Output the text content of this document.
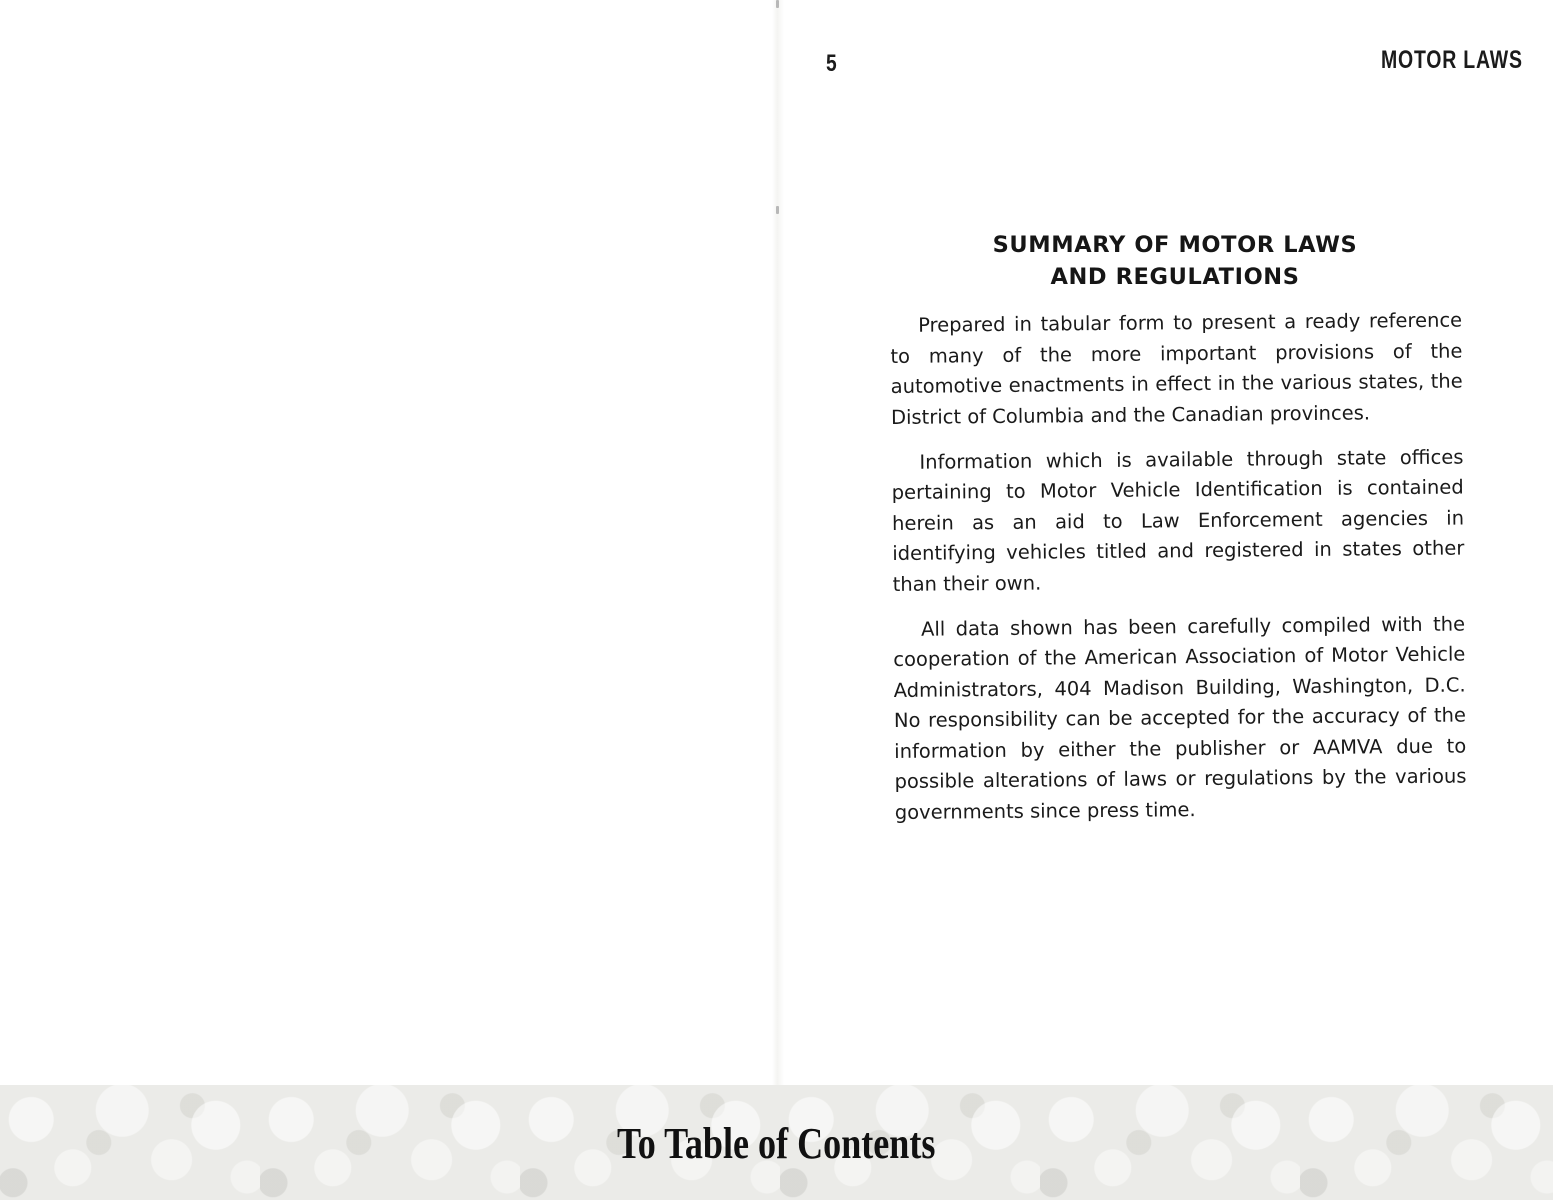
5	MOTOR LAWS
SUMMARY OF MOTOR LAWS
AND REGULATIONS

Prepared in tabular form to present a ready reference to many of the more important provisions of the automotive enactments in effect in the various states, the District of Columbia and the Canadian provinces.

Information which is available through state offices pertaining to Motor Vehicle Identification is contained herein as an aid to Law Enforcement agencies in identifying vehicles titled and registered in states other than their own.

All data shown has been carefully compiled with the cooperation of the American Association of Motor Vehicle Administrators, 404 Madison Building, Washington, D.C. No responsibility can be accepted for the accuracy of the information by either the publisher or AAMVA due to possible alterations of laws or regulations by the various governments since press time.

To Table of Contents
